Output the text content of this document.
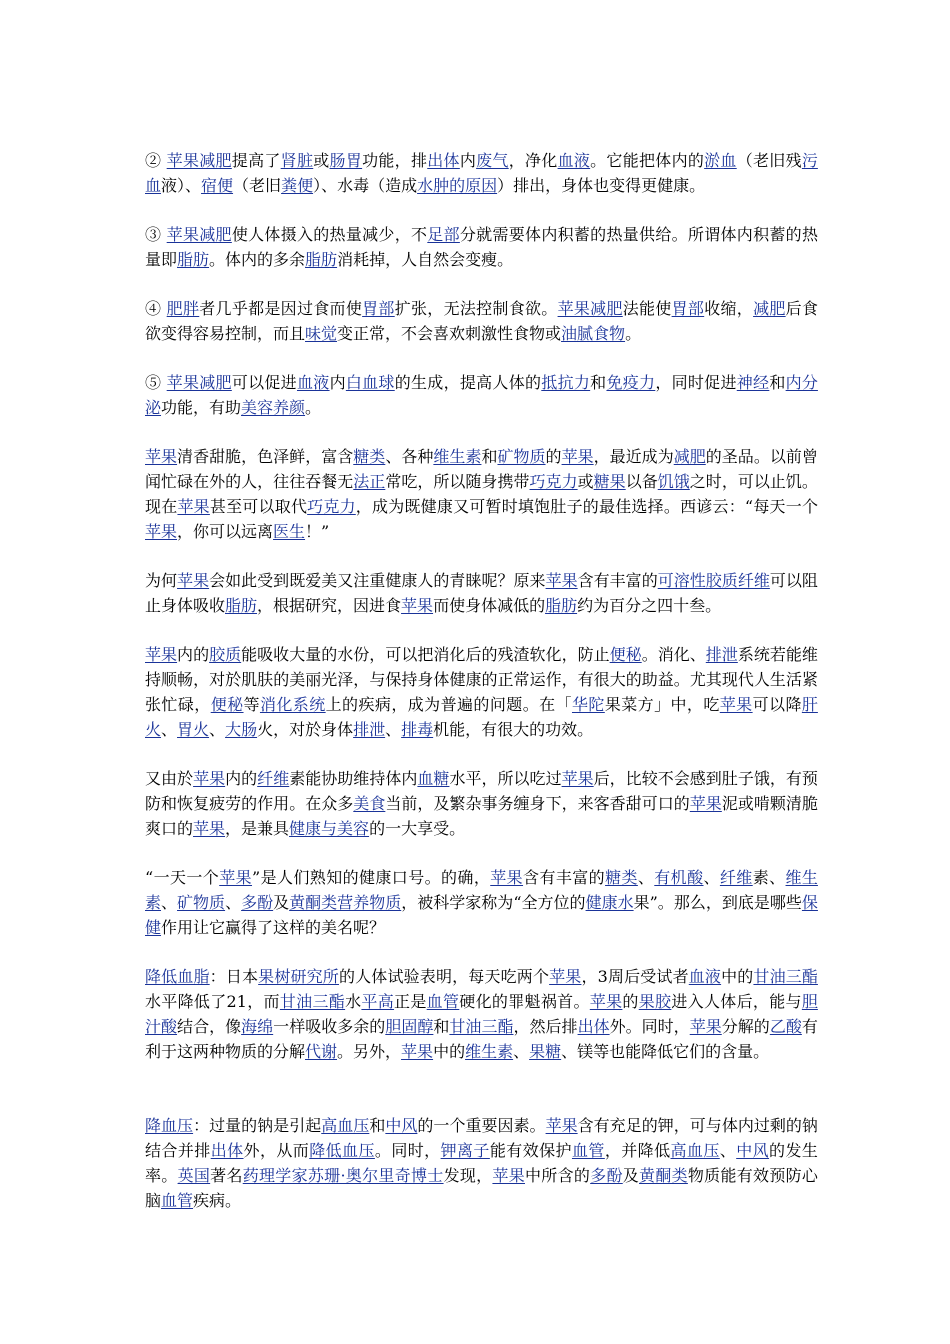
② 苹果减肥提高了肾脏或肠胃功能，排出体内废气，净化血液。它能把体内的淤血（老旧残污血液）、宿便（老旧粪便）、水毒（造成水肿的原因）排出，身体也变得更健康。

③ 苹果减肥使人体摄入的热量减少，不足部分就需要体内积蓄的热量供给。所谓体内积蓄的热量即脂肪。体内的多余脂肪消耗掉，人自然会变瘦。

④ 肥胖者几乎都是因过食而使胃部扩张，无法控制食欲。苹果减肥法能使胃部收缩，减肥后食欲变得容易控制，而且味觉变正常，不会喜欢刺激性食物或油腻食物。

⑤ 苹果减肥可以促进血液内白血球的生成，提高人体的抵抗力和免疫力，同时促进神经和内分泌功能，有助美容养颜。

苹果清香甜脆，色泽鲜，富含糖类、各种维生素和矿物质的苹果，最近成为减肥的圣品。以前曾闻忙碌在外的人，往往吞餐无法正常吃，所以随身携带巧克力或糖果以备饥饿之时，可以止饥。现在苹果甚至可以取代巧克力，成为既健康又可暂时填饱肚子的最佳选择。西谚云：“每天一个苹果，你可以远离医生！”

为何苹果会如此受到既爱美又注重健康人的青睐呢？原来苹果含有丰富的可溶性胶质纤维可以阻止身体吸收脂肪，根据研究，因进食苹果而使身体减低的脂肪约为百分之四十叁。

苹果内的胶质能吸收大量的水份，可以把消化后的残渣软化，防止便秘。消化、排泄系统若能维持顺畅，对於肌肤的美丽光泽，与保持身体健康的正常运作，有很大的助益。尤其现代人生活紧张忙碌，便秘等消化系统上的疾病，成为普遍的问题。在「华陀果菜方」中，吃苹果可以降肝火、胃火、大肠火，对於身体排泄、排毒机能，有很大的功效。

又由於苹果内的纤维素能协助维持体内血糖水平，所以吃过苹果后，比较不会感到肚子饿，有预防和恢复疲劳的作用。在众多美食当前，及繁杂事务缠身下，来客香甜可口的苹果泥或啃颗清脆爽口的苹果，是兼具健康与美容的一大享受。

“一天一个苹果”是人们熟知的健康口号。的确，苹果含有丰富的糖类、有机酸、纤维素、维生素、矿物质、多酚及黄酮类营养物质，被科学家称为“全方位的健康水果”。那么，到底是哪些保健作用让它赢得了这样的美名呢？

降低血脂：日本果树研究所的人体试验表明，每天吃两个苹果，3周后受试者血液中的甘油三酯水平降低了21，而甘油三酯水平高正是血管硬化的罪魁祸首。苹果的果胶进入人体后，能与胆汁酸结合，像海绵一样吸收多余的胆固醇和甘油三酯，然后排出体外。同时，苹果分解的乙酸有利于这两种物质的分解代谢。另外，苹果中的维生素、果糖、镁等也能降低它们的含量。

降血压：过量的钠是引起高血压和中风的一个重要因素。苹果含有充足的钾，可与体内过剩的钠结合并排出体外，从而降低血压。同时，钾离子能有效保护血管，并降低高血压、中风的发生率。英国著名药理学家苏珊·奥尔里奇博士发现，苹果中所含的多酚及黄酮类物质能有效预防心脑血管疾病。
